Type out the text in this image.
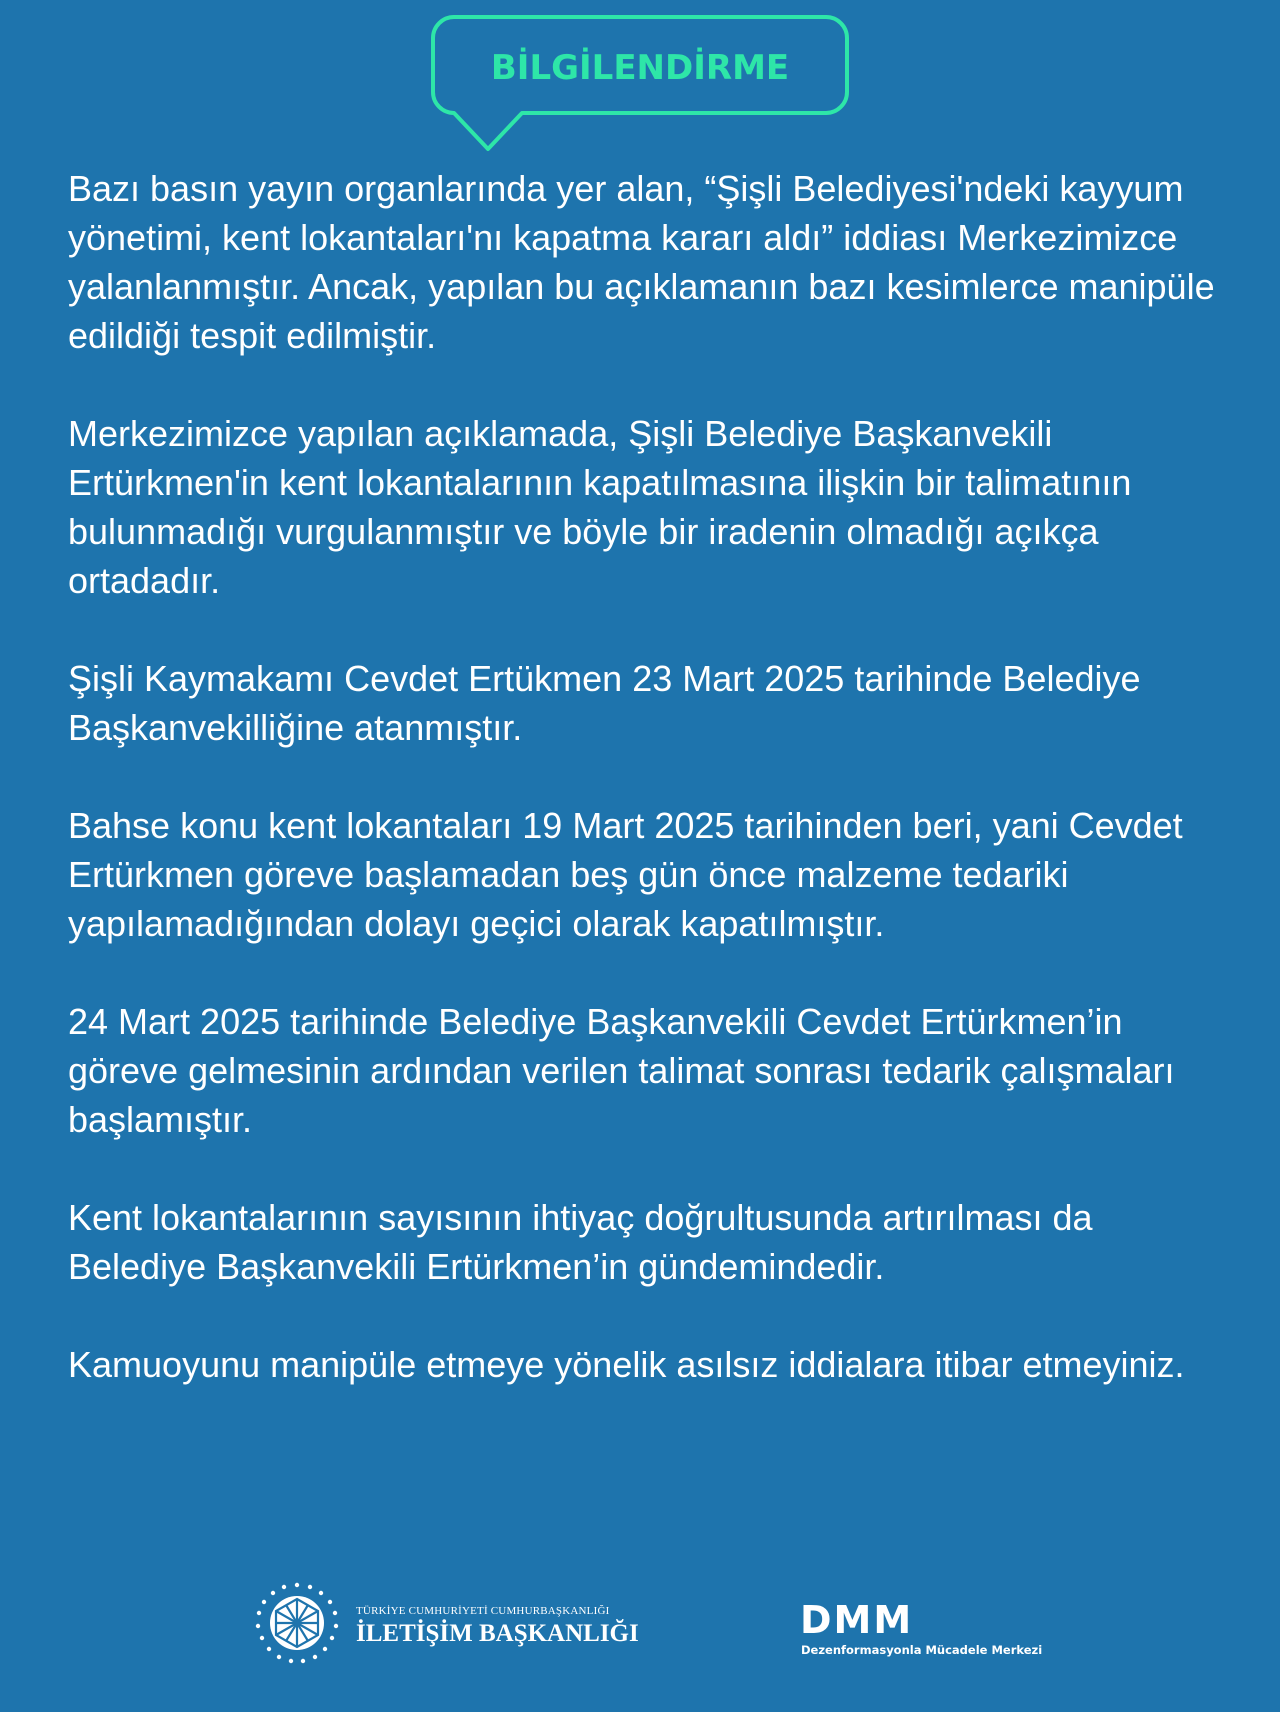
BİLGİLENDİRME

Bazı basın yayın organlarında yer alan, “Şişli Belediyesi'ndeki kayyum yönetimi, kent lokantaları'nı kapatma kararı aldı” iddiası Merkezimizce yalanlanmıştır. Ancak, yapılan bu açıklamanın bazı kesimlerce manipüle edildiği tespit edilmiştir.

Merkezimizce yapılan açıklamada, Şişli Belediye Başkanvekili Ertürkmen'in kent lokantalarının kapatılmasına ilişkin bir talimatının bulunmadığı vurgulanmıştır ve böyle bir iradenin olmadığı açıkça ortadadır.

Şişli Kaymakamı Cevdet Ertükmen 23 Mart 2025 tarihinde Belediye Başkanvekilliğine atanmıştır.

Bahse konu kent lokantaları 19 Mart 2025 tarihinden beri, yani Cevdet Ertürkmen göreve başlamadan beş gün önce malzeme tedariki yapılamadığından dolayı geçici olarak kapatılmıştır.

24 Mart 2025 tarihinde Belediye Başkanvekili Cevdet Ertürkmen’in göreve gelmesinin ardından verilen talimat sonrası tedarik çalışmaları başlamıştır.

Kent lokantalarının sayısının ihtiyaç doğrultusunda artırılması da Belediye Başkanvekili Ertürkmen’in gündemindedir.

Kamuoyunu manipüle etmeye yönelik asılsız iddialara itibar etmeyiniz.

TÜRKİYE CUMHURİYETİ CUMHURBAŞKANLIĞI
İLETİŞİM BAŞKANLIĞI	DMM
Dezenformasyonla Mücadele Merkezi
